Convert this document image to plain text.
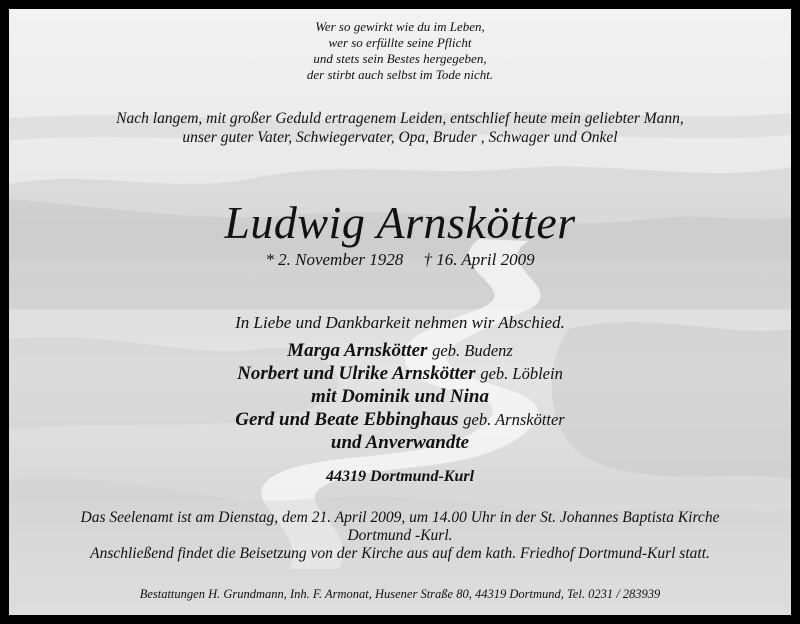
Wer so gewirkt wie du im Leben,
wer so erfüllte seine Pflicht
und stets sein Bestes hergegeben,
der stirbt auch selbst im Tode nicht.
Nach langem, mit großer Geduld ertragenem Leiden, entschlief heute mein geliebter Mann,
unser guter Vater, Schwiegervater, Opa, Bruder , Schwager und Onkel
Ludwig Arnskötter
* 2. November 1928 † 16. April 2009
In Liebe und Dankbarkeit nehmen wir Abschied.
Marga Arnskötter geb. Budenz
Norbert und Ulrike Arnskötter geb. Löblein
mit Dominik und Nina
Gerd und Beate Ebbinghaus geb. Arnskötter
und Anverwandte
44319 Dortmund-Kurl
Das Seelenamt ist am Dienstag, dem 21. April 2009, um 14.00 Uhr in der St. Johannes Baptista Kirche
Dortmund -Kurl.
Anschließend findet die Beisetzung von der Kirche aus auf dem kath. Friedhof Dortmund-Kurl statt.
Bestattungen H. Grundmann, Inh. F. Armonat, Husener Straße 80, 44319 Dortmund, Tel. 0231 / 283939
